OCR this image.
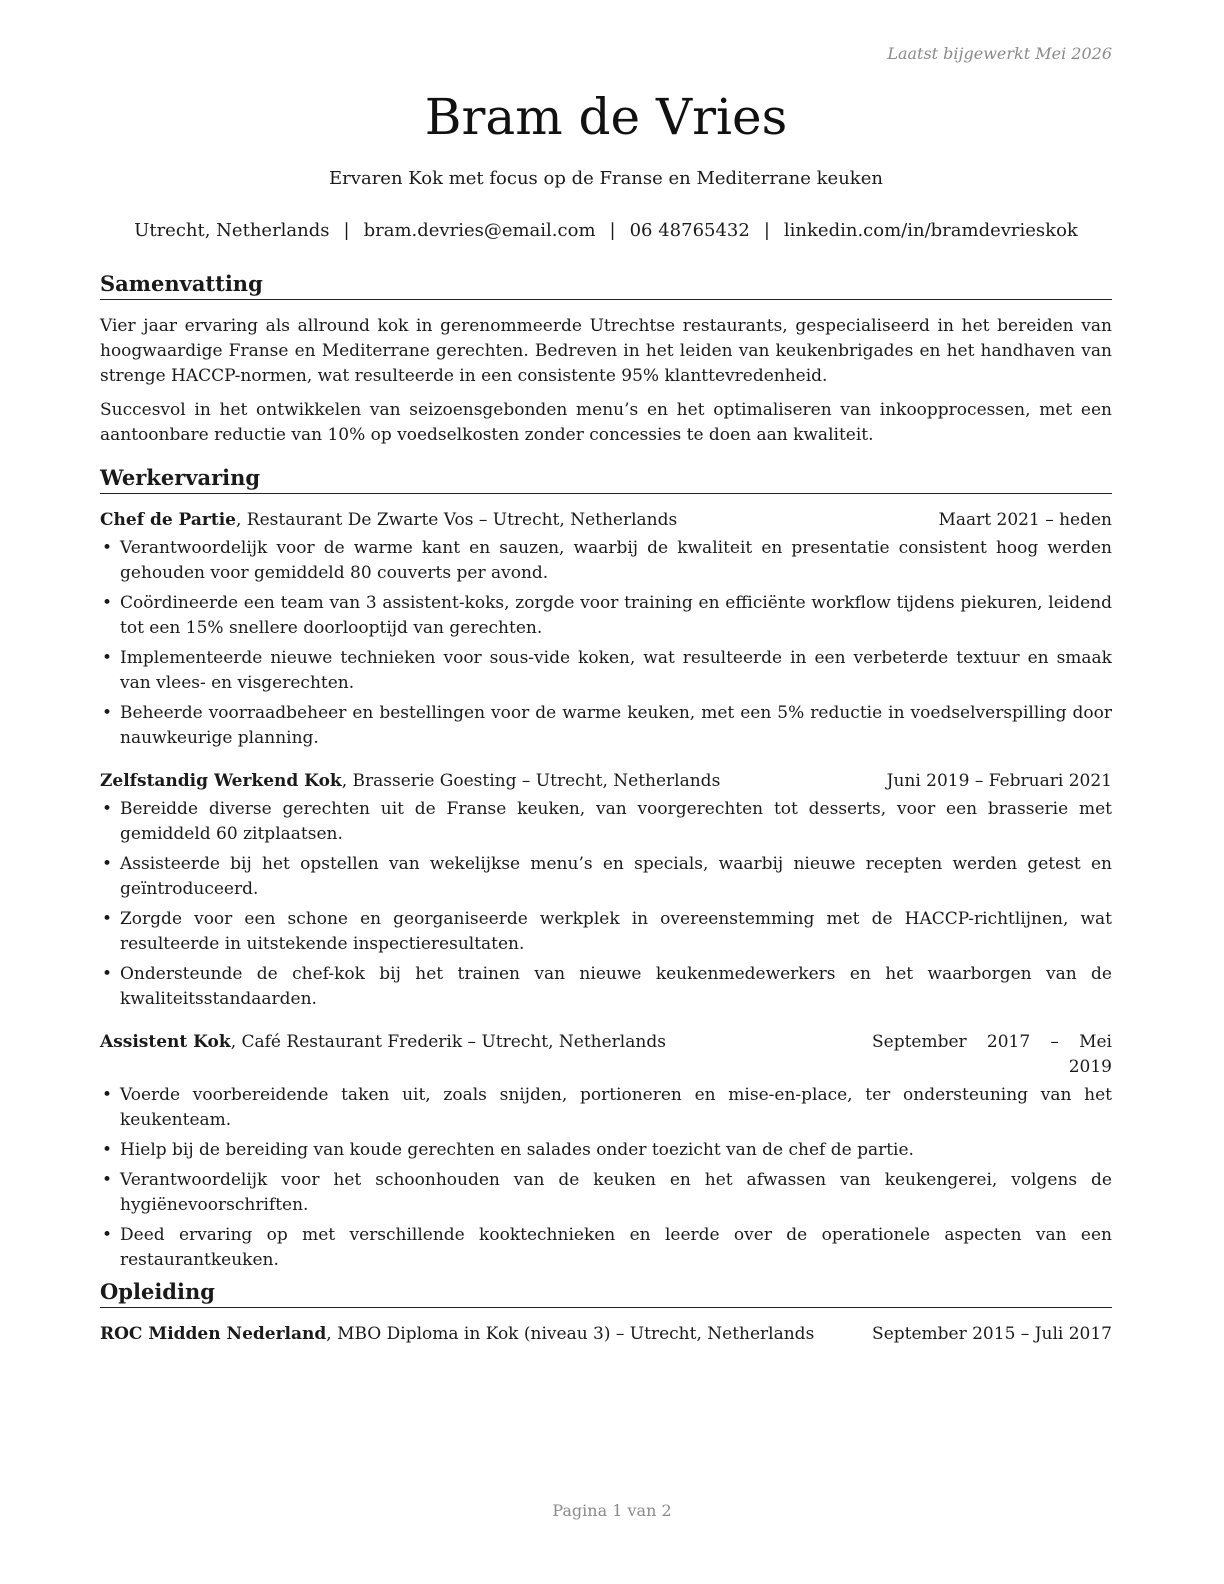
Laatst bijgewerkt Mei 2026
Bram de Vries
Ervaren Kok met focus op de Franse en Mediterrane keuken
Utrecht, Netherlands | bram.devries@email.com | 06 48765432 | linkedin.com/in/bramdevrieskok
Samenvatting

Vier jaar ervaring als allround kok in gerenommeerde Utrechtse restaurants, gespecialiseerd in het bereiden van hoogwaardige Franse en Mediterrane gerechten. Bedreven in het leiden van keukenbrigades en het handhaven van strenge HACCP-normen, wat resulteerde in een consistente 95% klanttevredenheid.

Succesvol in het ontwikkelen van seizoensgebonden menu’s en het optimaliseren van inkoopprocessen, met een aantoonbare reductie van 10% op voedselkosten zonder concessies te doen aan kwaliteit.

Werkervaring
Chef de Partie, Restaurant De Zwarte Vos – Utrecht, Netherlands	Maart 2021 – heden
• Verantwoordelijk voor de warme kant en sauzen, waarbij de kwaliteit en presentatie consistent hoog werden gehouden voor gemiddeld 80 couverts per avond.
• Coördineerde een team van 3 assistent-koks, zorgde voor training en efficiënte workflow tijdens piekuren, leidend tot een 15% snellere doorlooptijd van gerechten.
• Implementeerde nieuwe technieken voor sous-vide koken, wat resulteerde in een verbeterde textuur en smaak van vlees- en visgerechten.
• Beheerde voorraadbeheer en bestellingen voor de warme keuken, met een 5% reductie in voedselverspilling door nauwkeurige planning.
Zelfstandig Werkend Kok, Brasserie Goesting – Utrecht, Netherlands	Juni 2019 – Februari 2021
• Bereidde diverse gerechten uit de Franse keuken, van voorgerechten tot desserts, voor een brasserie met gemiddeld 60 zitplaatsen.
• Assisteerde bij het opstellen van wekelijkse menu’s en specials, waarbij nieuwe recepten werden getest en geïntroduceerd.
• Zorgde voor een schone en georganiseerde werkplek in overeenstemming met de HACCP-richtlijnen, wat resulteerde in uitstekende inspectieresultaten.
• Ondersteunde de chef-kok bij het trainen van nieuwe keukenmedewerkers en het waarborgen van de kwaliteitsstandaarden.
Assistent Kok, Café Restaurant Frederik – Utrecht, Netherlands	September 2017 – Mei 2019
• Voerde voorbereidende taken uit, zoals snijden, portioneren en mise-en-place, ter ondersteuning van het keukenteam.
• Hielp bij de bereiding van koude gerechten en salades onder toezicht van de chef de partie.
• Verantwoordelijk voor het schoonhouden van de keuken en het afwassen van keukengerei, volgens de hygiënevoorschriften.
• Deed ervaring op met verschillende kooktechnieken en leerde over de operationele aspecten van een restaurantkeuken.
Opleiding
ROC Midden Nederland, MBO Diploma in Kok (niveau 3) – Utrecht, Netherlands	September 2015 – Juli 2017
Pagina 1 van 2
